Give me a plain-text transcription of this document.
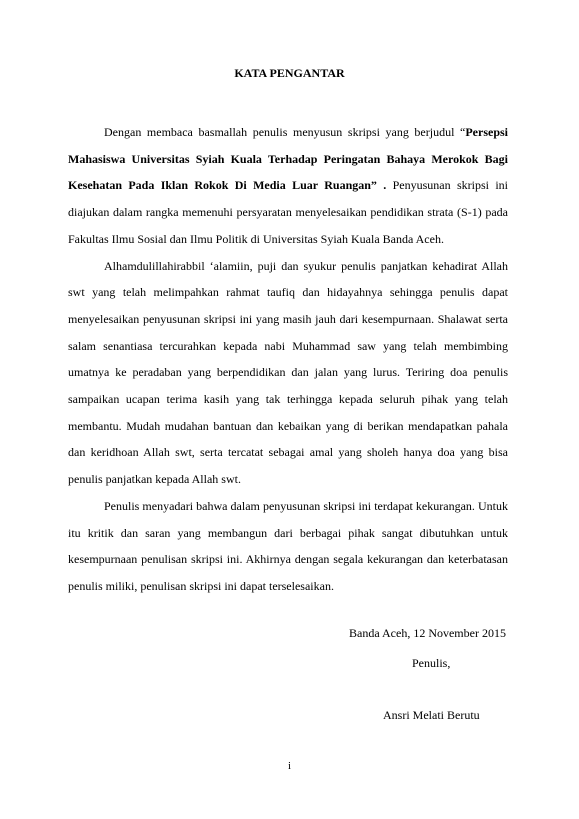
KATA PENGANTAR

Dengan membaca basmallah penulis menyusun skripsi yang berjudul “Persepsi Mahasiswa Universitas Syiah Kuala Terhadap Peringatan Bahaya Merokok Bagi Kesehatan Pada Iklan Rokok Di Media Luar Ruangan” . Penyusunan skripsi ini diajukan dalam rangka memenuhi persyaratan menyelesaikan pendidikan strata (S-1) pada Fakultas Ilmu Sosial dan Ilmu Politik di Universitas Syiah Kuala Banda Aceh.

Alhamdulillahirabbil ‘alamiin, puji dan syukur penulis panjatkan kehadirat Allah swt yang telah melimpahkan rahmat taufiq dan hidayahnya sehingga penulis dapat menyelesaikan penyusunan skripsi ini yang masih jauh dari kesempurnaan. Shalawat serta salam senantiasa tercurahkan kepada nabi Muhammad saw yang telah membimbing umatnya ke peradaban yang berpendidikan dan jalan yang lurus. Teriring doa penulis sampaikan ucapan terima kasih yang tak terhingga kepada seluruh pihak yang telah membantu. Mudah mudahan bantuan dan kebaikan yang di berikan mendapatkan pahala dan keridhoan Allah swt, serta tercatat sebagai amal yang sholeh hanya doa yang bisa penulis panjatkan kepada Allah swt.

Penulis menyadari bahwa dalam penyusunan skripsi ini terdapat kekurangan. Untuk itu kritik dan saran yang membangun dari berbagai pihak sangat dibutuhkan untuk kesempurnaan penulisan skripsi ini. Akhirnya dengan segala kekurangan dan keterbatasan penulis miliki, penulisan skripsi ini dapat terselesaikan.

Banda Aceh, 12 November 2015
Penulis,
Ansri Melati Berutu
i
